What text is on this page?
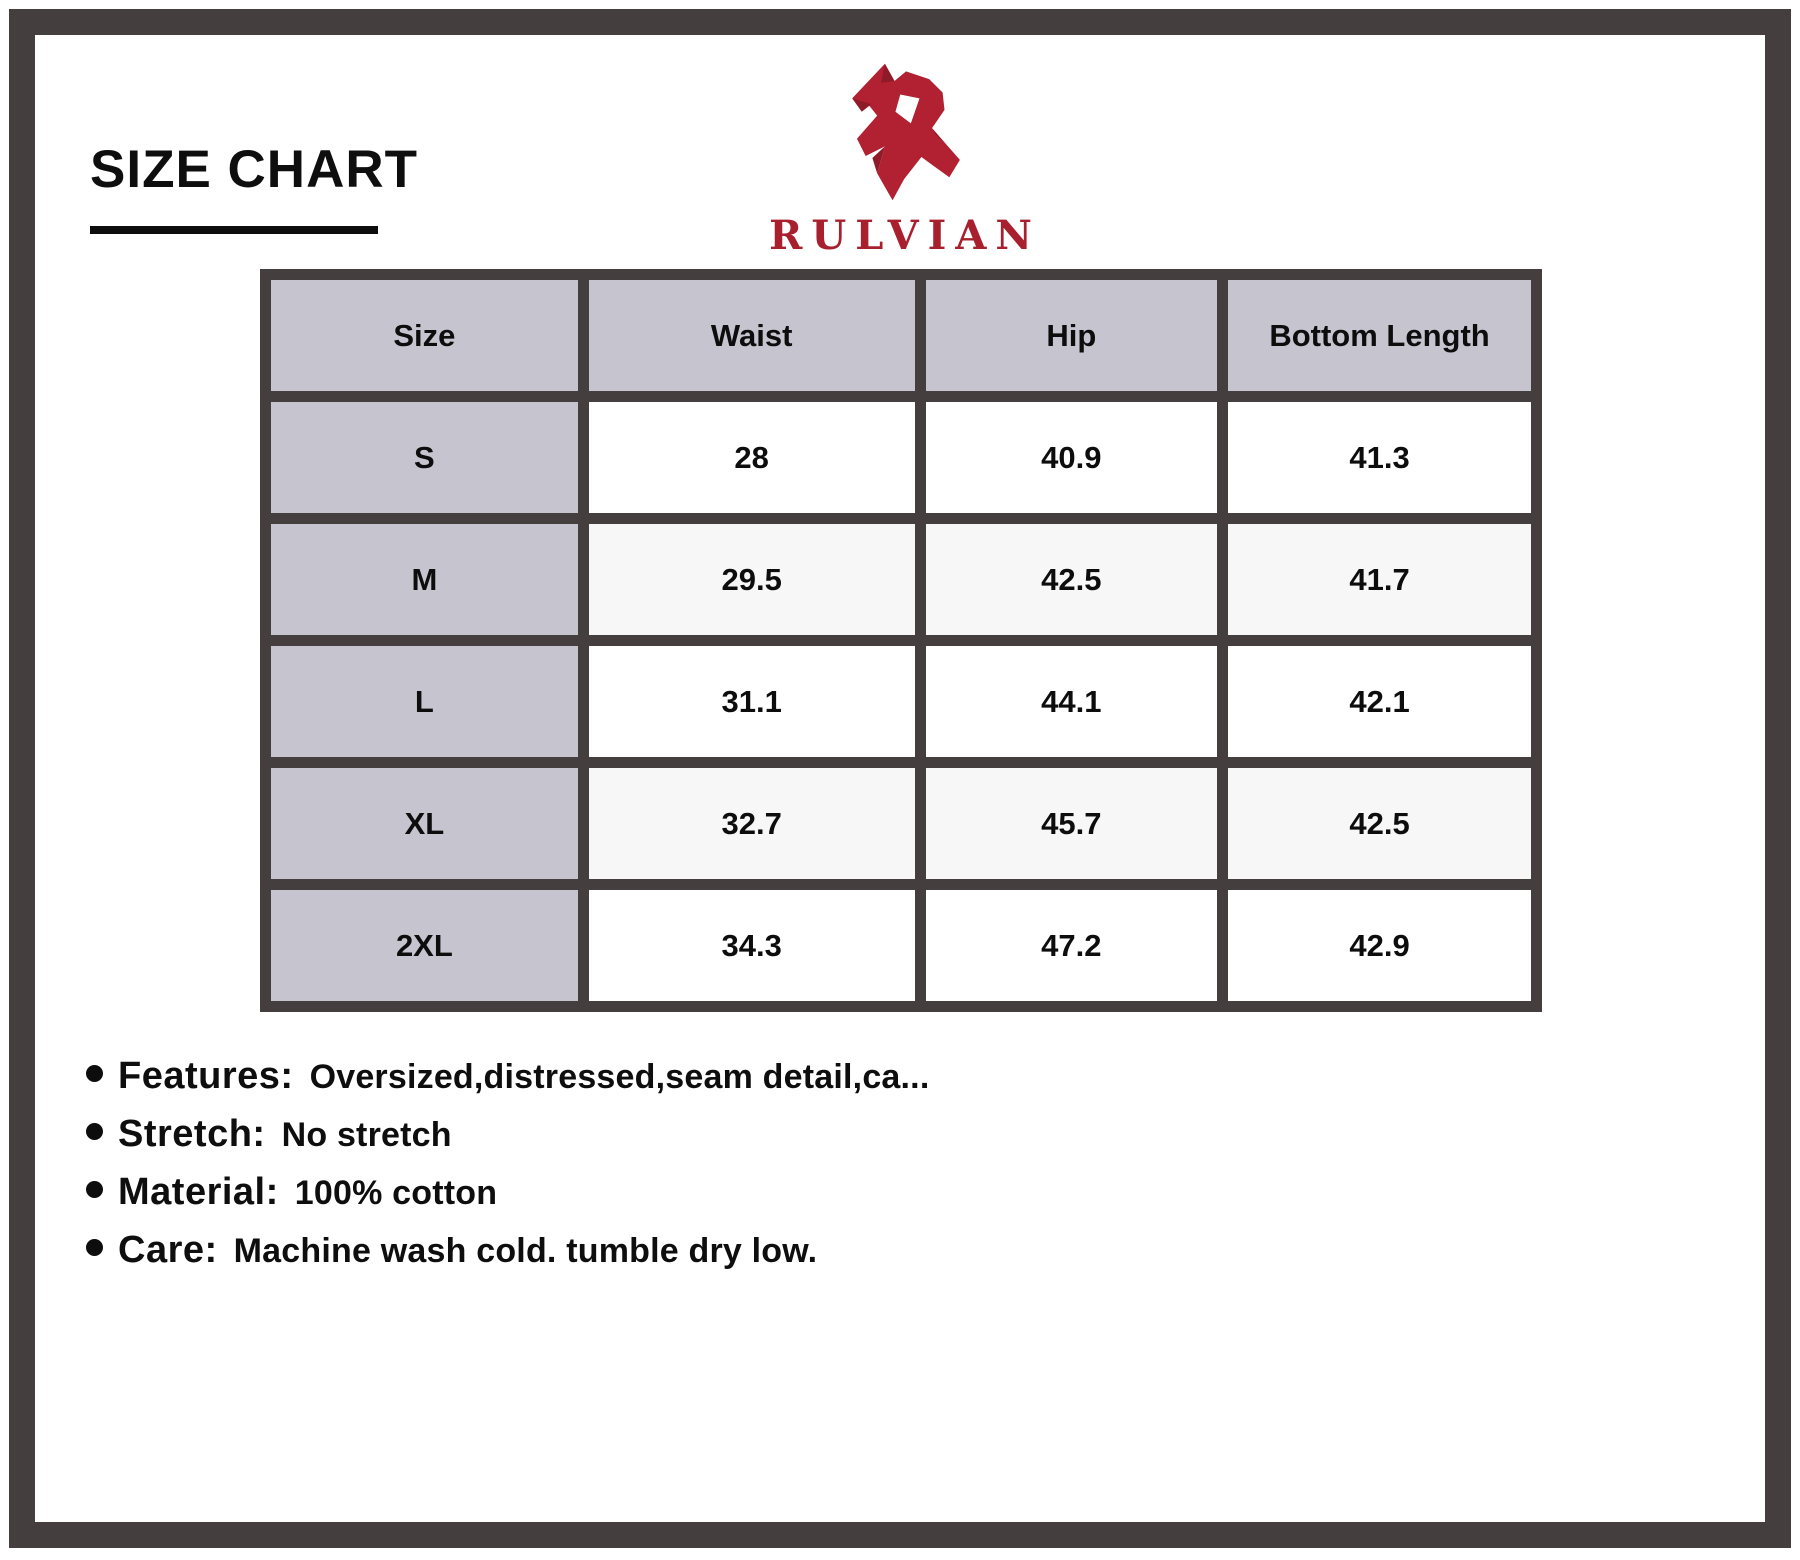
SIZE CHART
RULVIAN
Size	Waist	Hip	Bottom Length
S	28	40.9	41.3
M	29.5	42.5	41.7
L	31.1	44.1	42.1
XL	32.7	45.7	42.5
2XL	34.3	47.2	42.9
Features: Oversized,distressed,seam detail,ca...
Stretch: No stretch
Material: 100% cotton
Care: Machine wash cold. tumble dry low.
